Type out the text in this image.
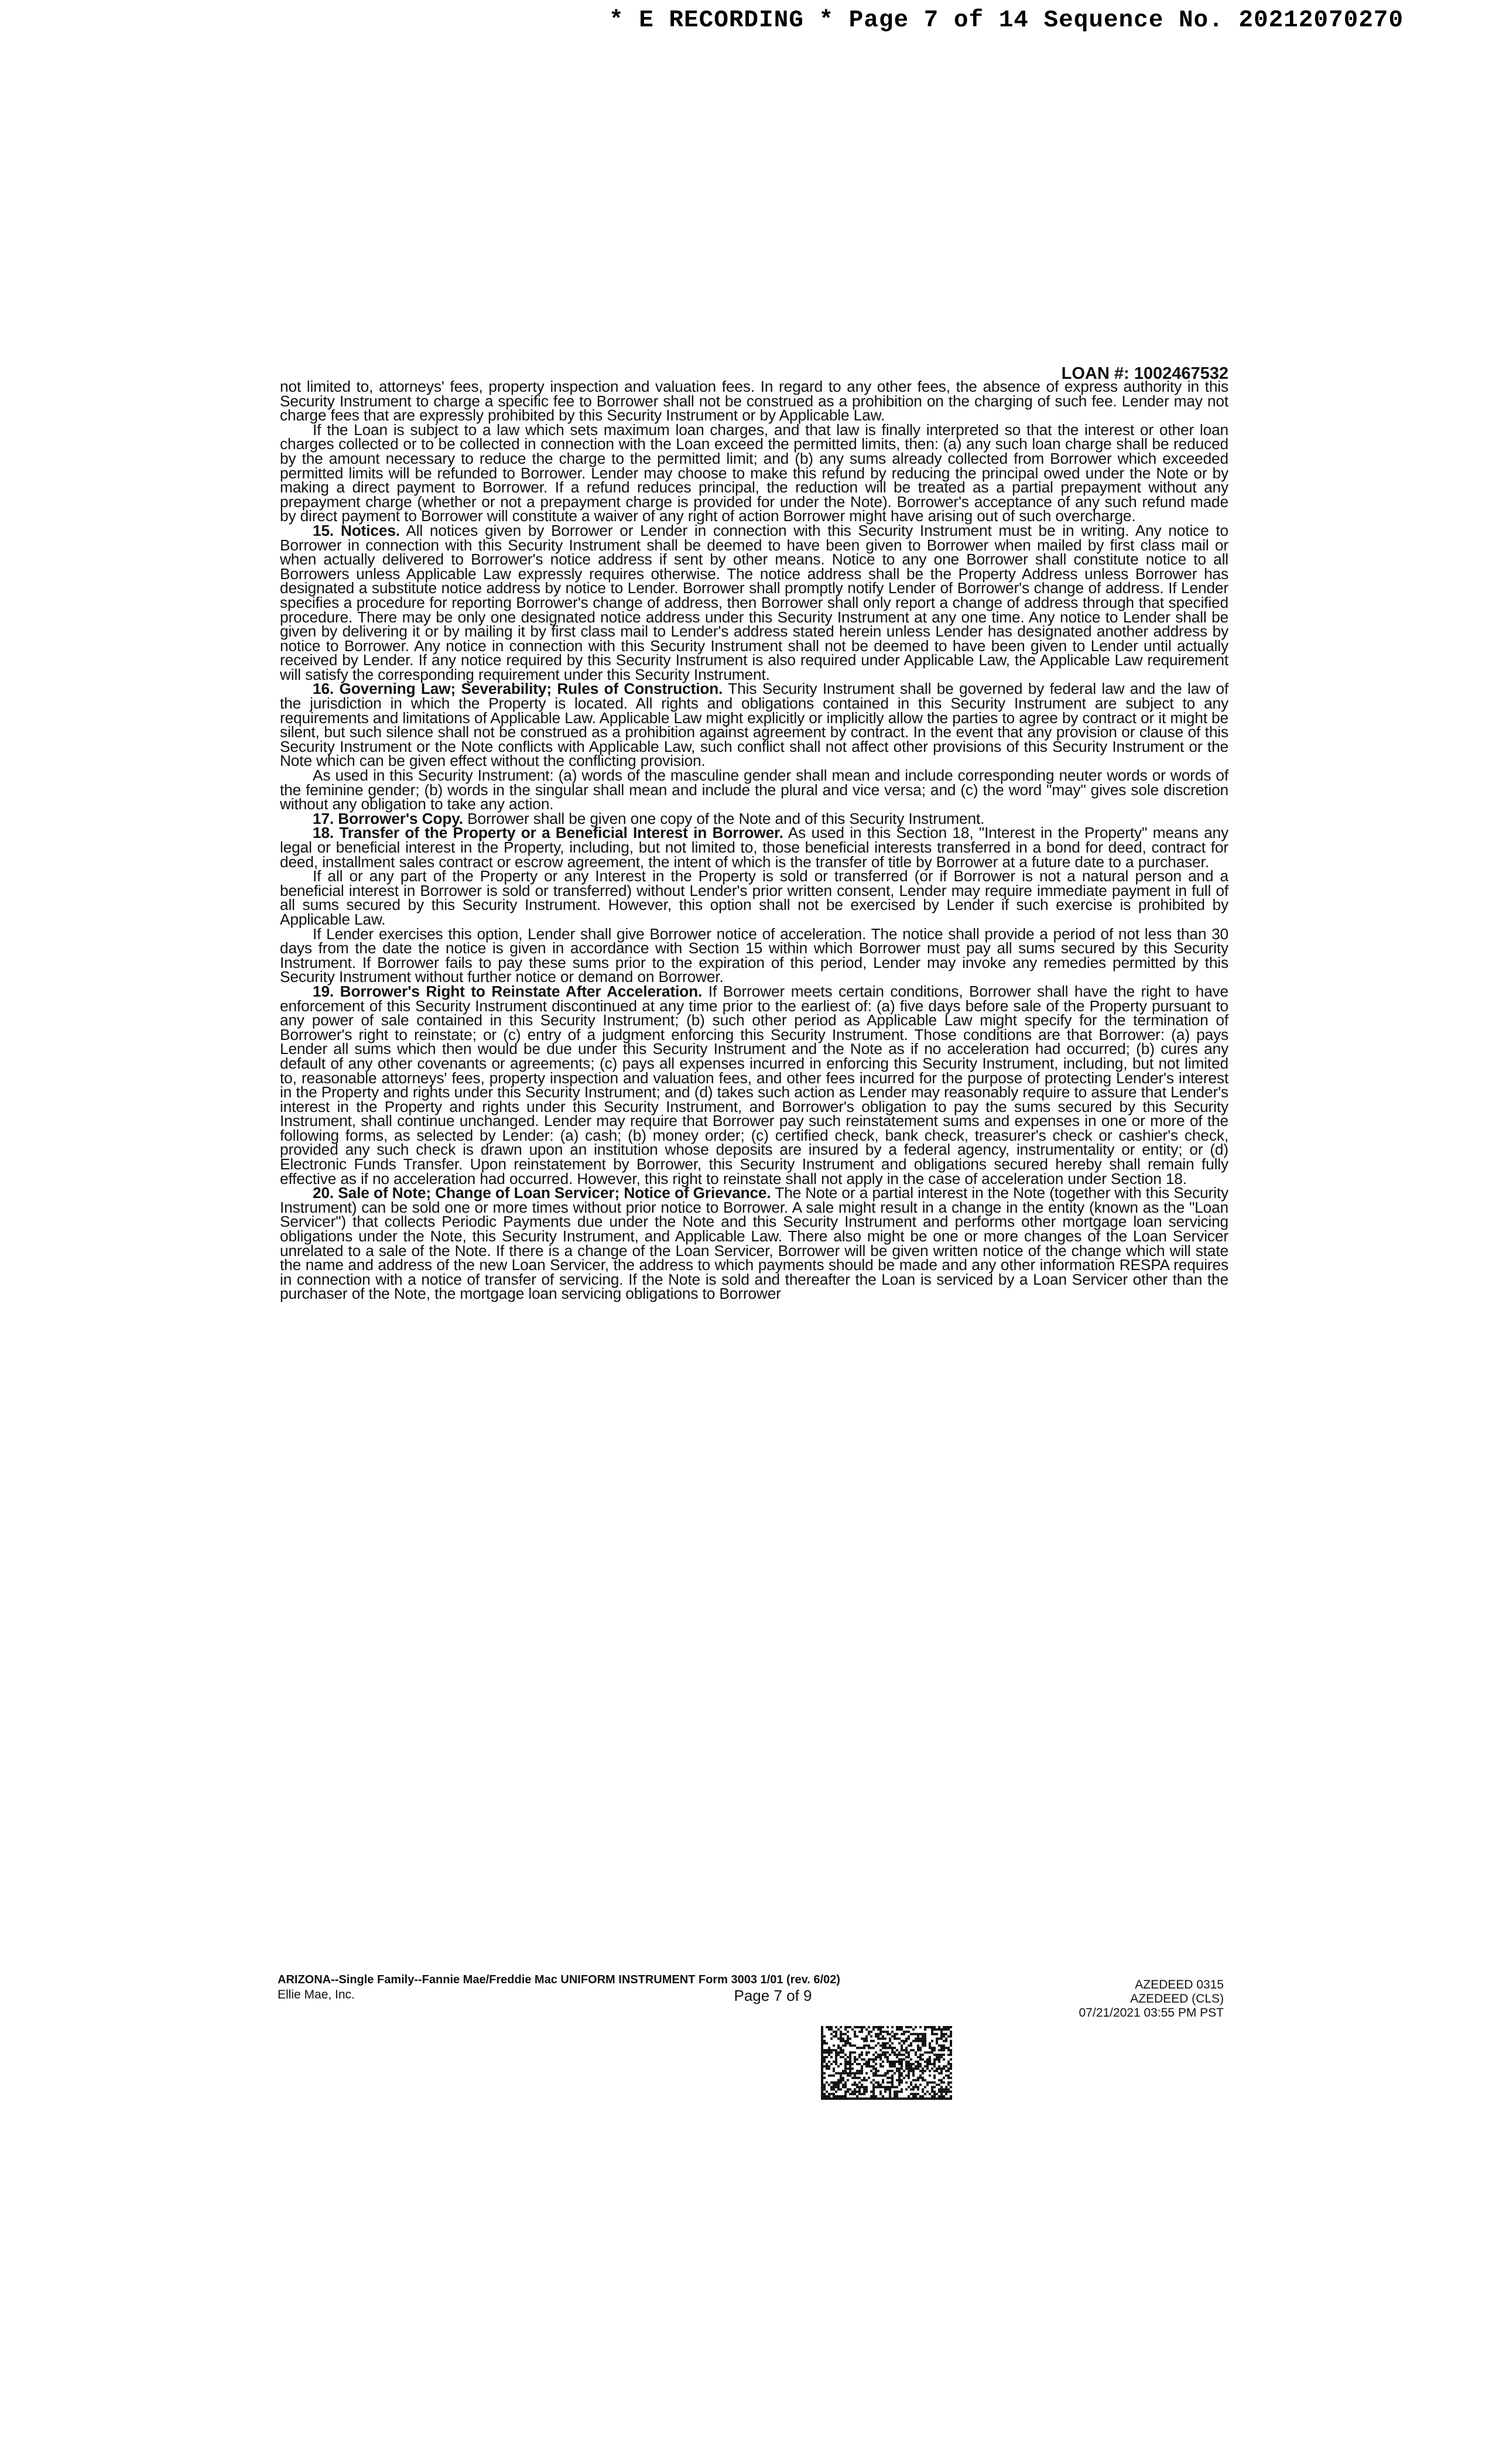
* E RECORDING * Page 7 of 14 Sequence No. 20212070270
LOAN #: 1002467532

not limited to, attorneys' fees, property inspection and valuation fees. In regard to any other fees, the absence of express authority in this Security Instrument to charge a specific fee to Borrower shall not be construed as a prohibition on the charging of such fee. Lender may not charge fees that are expressly prohibited by this Security Instrument or by Applicable Law.

If the Loan is subject to a law which sets maximum loan charges, and that law is finally interpreted so that the interest or other loan charges collected or to be collected in connection with the Loan exceed the permitted limits, then: (a) any such loan charge shall be reduced by the amount necessary to reduce the charge to the permitted limit; and (b) any sums already collected from Borrower which exceeded permitted limits will be refunded to Borrower. Lender may choose to make this refund by reducing the principal owed under the Note or by making a direct payment to Borrower. If a refund reduces principal, the reduction will be treated as a partial prepayment without any prepayment charge (whether or not a prepayment charge is provided for under the Note). Borrower's acceptance of any such refund made by direct payment to Borrower will constitute a waiver of any right of action Borrower might have arising out of such overcharge.

15. Notices. All notices given by Borrower or Lender in connection with this Security Instrument must be in writing. Any notice to Borrower in connection with this Security Instrument shall be deemed to have been given to Borrower when mailed by first class mail or when actually delivered to Borrower's notice address if sent by other means. Notice to any one Borrower shall constitute notice to all Borrowers unless Applicable Law expressly requires otherwise. The notice address shall be the Property Address unless Borrower has designated a substitute notice address by notice to Lender. Borrower shall promptly notify Lender of Borrower's change of address. If Lender specifies a procedure for reporting Borrower's change of address, then Borrower shall only report a change of address through that specified procedure. There may be only one designated notice address under this Security Instrument at any one time. Any notice to Lender shall be given by delivering it or by mailing it by first class mail to Lender's address stated herein unless Lender has designated another address by notice to Borrower. Any notice in connection with this Security Instrument shall not be deemed to have been given to Lender until actually received by Lender. If any notice required by this Security Instrument is also required under Applicable Law, the Applicable Law requirement will satisfy the corresponding requirement under this Security Instrument.

16. Governing Law; Severability; Rules of Construction. This Security Instrument shall be governed by federal law and the law of the jurisdiction in which the Property is located. All rights and obligations contained in this Security Instrument are subject to any requirements and limitations of Applicable Law. Applicable Law might explicitly or implicitly allow the parties to agree by contract or it might be silent, but such silence shall not be construed as a prohibition against agreement by contract. In the event that any provision or clause of this Security Instrument or the Note conflicts with Applicable Law, such conflict shall not affect other provisions of this Security Instrument or the Note which can be given effect without the conflicting provision.

As used in this Security Instrument: (a) words of the masculine gender shall mean and include corresponding neuter words or words of the feminine gender; (b) words in the singular shall mean and include the plural and vice versa; and (c) the word "may" gives sole discretion without any obligation to take any action.

17. Borrower's Copy. Borrower shall be given one copy of the Note and of this Security Instrument.

18. Transfer of the Property or a Beneficial Interest in Borrower. As used in this Section 18, "Interest in the Property" means any legal or beneficial interest in the Property, including, but not limited to, those beneficial interests transferred in a bond for deed, contract for deed, installment sales contract or escrow agreement, the intent of which is the transfer of title by Borrower at a future date to a purchaser.

If all or any part of the Property or any Interest in the Property is sold or transferred (or if Borrower is not a natural person and a beneficial interest in Borrower is sold or transferred) without Lender's prior written consent, Lender may require immediate payment in full of all sums secured by this Security Instrument. However, this option shall not be exercised by Lender if such exercise is prohibited by Applicable Law.

If Lender exercises this option, Lender shall give Borrower notice of acceleration. The notice shall provide a period of not less than 30 days from the date the notice is given in accordance with Section 15 within which Borrower must pay all sums secured by this Security Instrument. If Borrower fails to pay these sums prior to the expiration of this period, Lender may invoke any remedies permitted by this Security Instrument without further notice or demand on Borrower.

19. Borrower's Right to Reinstate After Acceleration. If Borrower meets certain conditions, Borrower shall have the right to have enforcement of this Security Instrument discontinued at any time prior to the earliest of: (a) five days before sale of the Property pursuant to any power of sale contained in this Security Instrument; (b) such other period as Applicable Law might specify for the termination of Borrower's right to reinstate; or (c) entry of a judgment enforcing this Security Instrument. Those conditions are that Borrower: (a) pays Lender all sums which then would be due under this Security Instrument and the Note as if no acceleration had occurred; (b) cures any default of any other covenants or agreements; (c) pays all expenses incurred in enforcing this Security Instrument, including, but not limited to, reasonable attorneys' fees, property inspection and valuation fees, and other fees incurred for the purpose of protecting Lender's interest in the Property and rights under this Security Instrument; and (d) takes such action as Lender may reasonably require to assure that Lender's interest in the Property and rights under this Security Instrument, and Borrower's obligation to pay the sums secured by this Security Instrument, shall continue unchanged. Lender may require that Borrower pay such reinstatement sums and expenses in one or more of the following forms, as selected by Lender: (a) cash; (b) money order; (c) certified check, bank check, treasurer's check or cashier's check, provided any such check is drawn upon an institution whose deposits are insured by a federal agency, instrumentality or entity; or (d) Electronic Funds Transfer. Upon reinstatement by Borrower, this Security Instrument and obligations secured hereby shall remain fully effective as if no acceleration had occurred. However, this right to reinstate shall not apply in the case of acceleration under Section 18.

20. Sale of Note; Change of Loan Servicer; Notice of Grievance. The Note or a partial interest in the Note (together with this Security Instrument) can be sold one or more times without prior notice to Borrower. A sale might result in a change in the entity (known as the "Loan Servicer") that collects Periodic Payments due under the Note and this Security Instrument and performs other mortgage loan servicing obligations under the Note, this Security Instrument, and Applicable Law. There also might be one or more changes of the Loan Servicer unrelated to a sale of the Note. If there is a change of the Loan Servicer, Borrower will be given written notice of the change which will state the name and address of the new Loan Servicer, the address to which payments should be made and any other information RESPA requires in connection with a notice of transfer of servicing. If the Note is sold and thereafter the Loan is serviced by a Loan Servicer other than the purchaser of the Note, the mortgage loan servicing obligations to Borrower

ARIZONA--Single Family--Fannie Mae/Freddie Mac UNIFORM INSTRUMENT Form 3003 1/01 (rev. 6/02)
Ellie Mae, Inc.	Page 7 of 9
AZEDEED 0315
AZEDEED (CLS)
07/21/2021 03:55 PM PST
